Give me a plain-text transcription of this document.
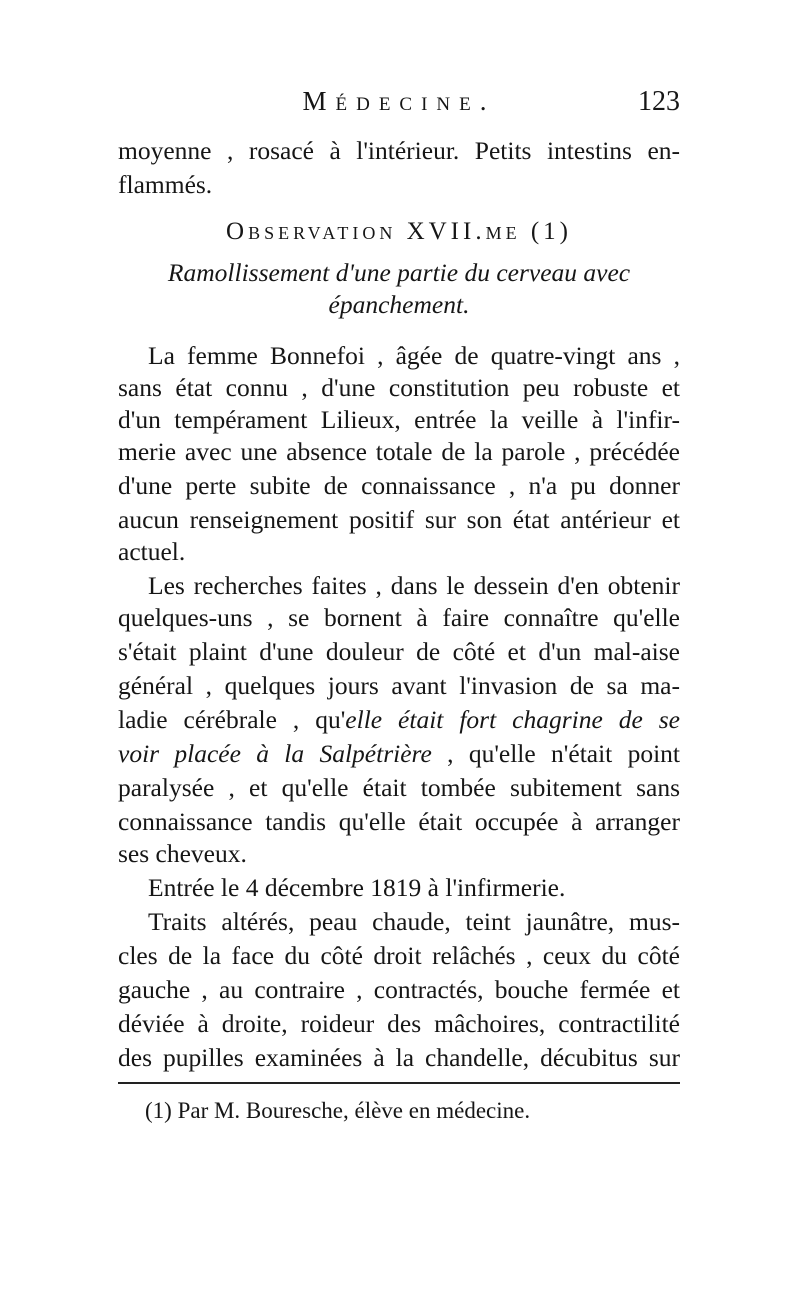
Médecine.	123
moyenne , rosacé à l'intérieur. Petits intestins en-
flammés.
Observation XVII.me (1)
Ramollissement d'une partie du cerveau avec
épanchement.
La femme Bonnefoi , âgée de quatre-vingt ans ,
sans état connu , d'une constitution peu robuste et
d'un tempérament Lilieux, entrée la veille à l'infir-
merie avec une absence totale de la parole , précédée
d'une perte subite de connaissance , n'a pu donner
aucun renseignement positif sur son état antérieur et
actuel.
Les recherches faites , dans le dessein d'en obtenir
quelques-uns , se bornent à faire connaître qu'elle
s'était plaint d'une douleur de côté et d'un mal-aise
général , quelques jours avant l'invasion de sa ma-
ladie cérébrale , qu'elle était fort chagrine de se
voir placée à la Salpétrière , qu'elle n'était point
paralysée , et qu'elle était tombée subitement sans
connaissance tandis qu'elle était occupée à arranger
ses cheveux.
Entrée le 4 décembre 1819 à l'infirmerie.
Traits altérés, peau chaude, teint jaunâtre, mus-
cles de la face du côté droit relâchés , ceux du côté
gauche , au contraire , contractés, bouche fermée et
déviée à droite, roideur des mâchoires, contractilité
des pupilles examinées à la chandelle, décubitus sur
(1) Par M. Bouresche, élève en médecine.
